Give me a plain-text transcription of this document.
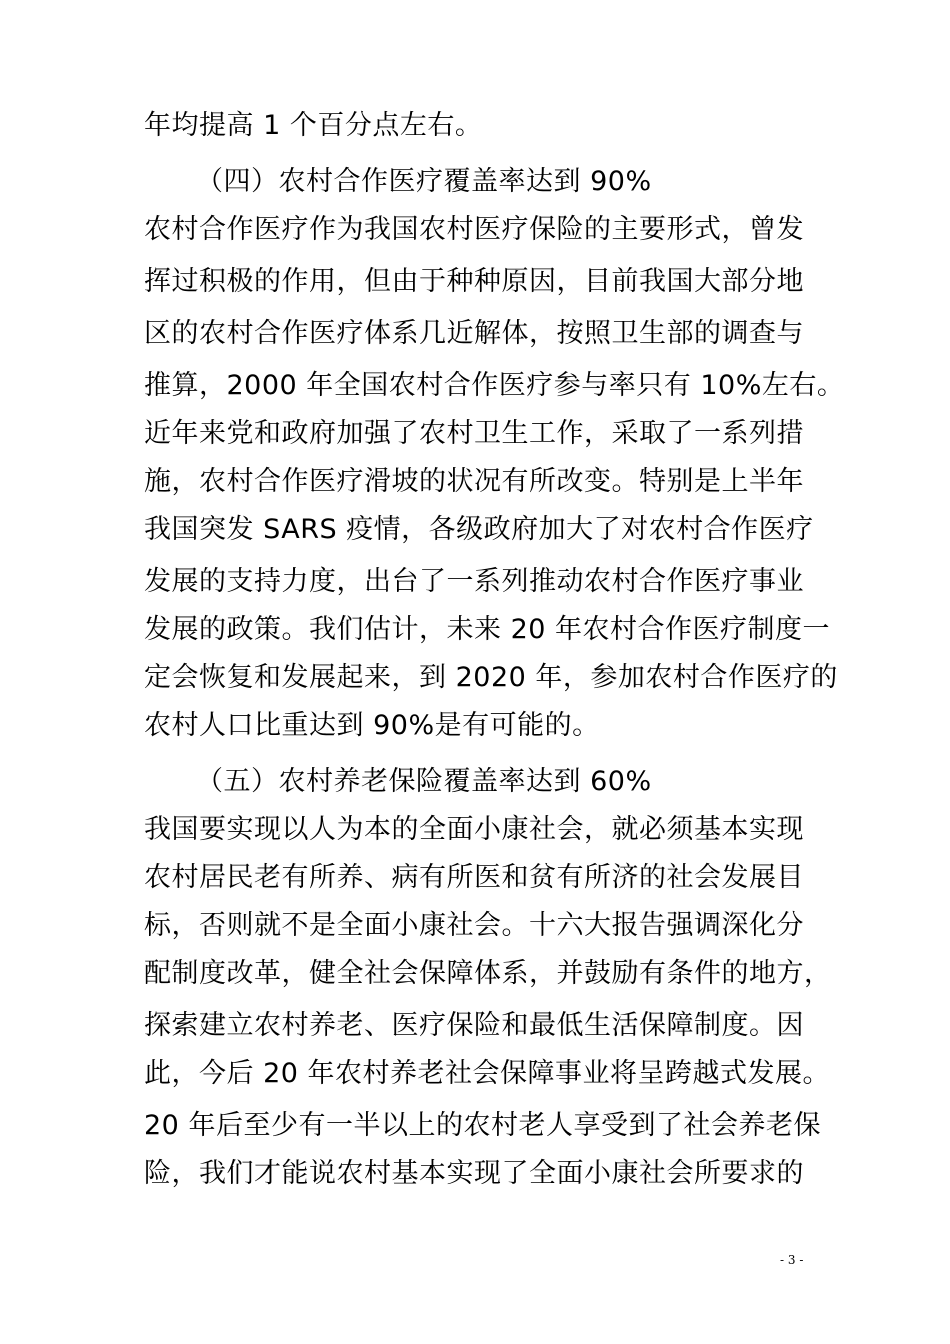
年均提高 1 个百分点左右。
（四）农村合作医疗覆盖率达到 90%
农村合作医疗作为我国农村医疗保险的主要形式，曾发
挥过积极的作用，但由于种种原因，目前我国大部分地
区的农村合作医疗体系几近解体，按照卫生部的调查与
推算，2000 年全国农村合作医疗参与率只有 10%左右。
近年来党和政府加强了农村卫生工作，采取了一系列措
施，农村合作医疗滑坡的状况有所改变。特别是上半年
我国突发 SARS 疫情，各级政府加大了对农村合作医疗
发展的支持力度，出台了一系列推动农村合作医疗事业
发展的政策。我们估计，未来 20 年农村合作医疗制度一
定会恢复和发展起来，到 2020 年，参加农村合作医疗的
农村人口比重达到 90%是有可能的。
（五）农村养老保险覆盖率达到 60%
我国要实现以人为本的全面小康社会，就必须基本实现
农村居民老有所养、病有所医和贫有所济的社会发展目
标，否则就不是全面小康社会。十六大报告强调深化分
配制度改革，健全社会保障体系，并鼓励有条件的地方，
探索建立农村养老、医疗保险和最低生活保障制度。因
此，今后 20 年农村养老社会保障事业将呈跨越式发展。
20 年后至少有一半以上的农村老人享受到了社会养老保
险，我们才能说农村基本实现了全面小康社会所要求的
- 3 -
